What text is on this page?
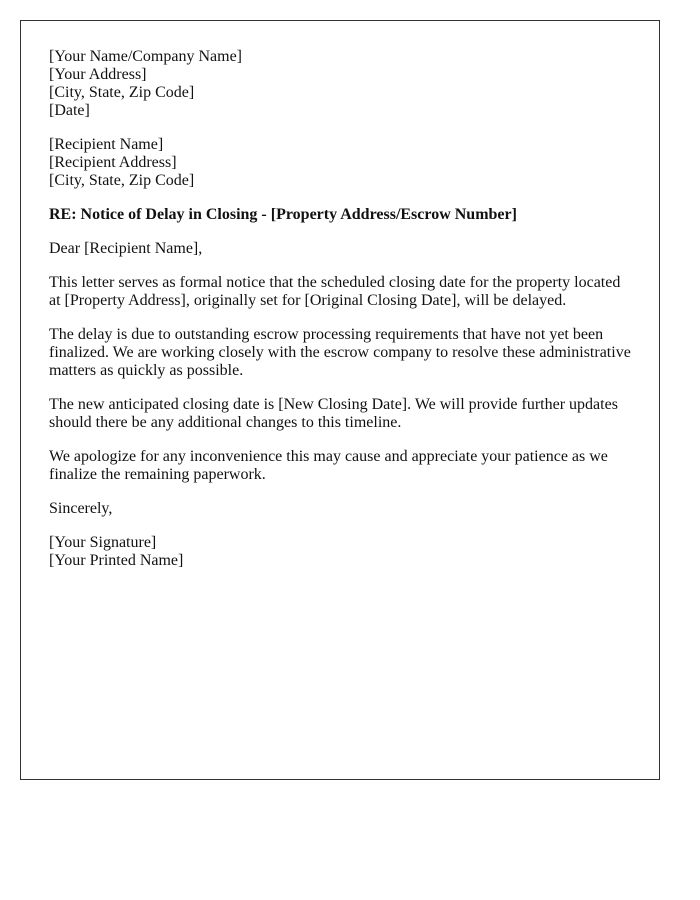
[Your Name/Company Name]
[Your Address]
[City, State, Zip Code]
[Date]
[Recipient Name]
[Recipient Address]
[City, State, Zip Code]
RE: Notice of Delay in Closing - [Property Address/Escrow Number]

Dear [Recipient Name],

This letter serves as formal notice that the scheduled closing date for the property located at [Property Address], originally set for [Original Closing Date], will be delayed.

The delay is due to outstanding escrow processing requirements that have not yet been finalized. We are working closely with the escrow company to resolve these administrative matters as quickly as possible.

The new anticipated closing date is [New Closing Date]. We will provide further updates should there be any additional changes to this timeline.

We apologize for any inconvenience this may cause and appreciate your patience as we finalize the remaining paperwork.

Sincerely,

[Your Signature]
[Your Printed Name]
